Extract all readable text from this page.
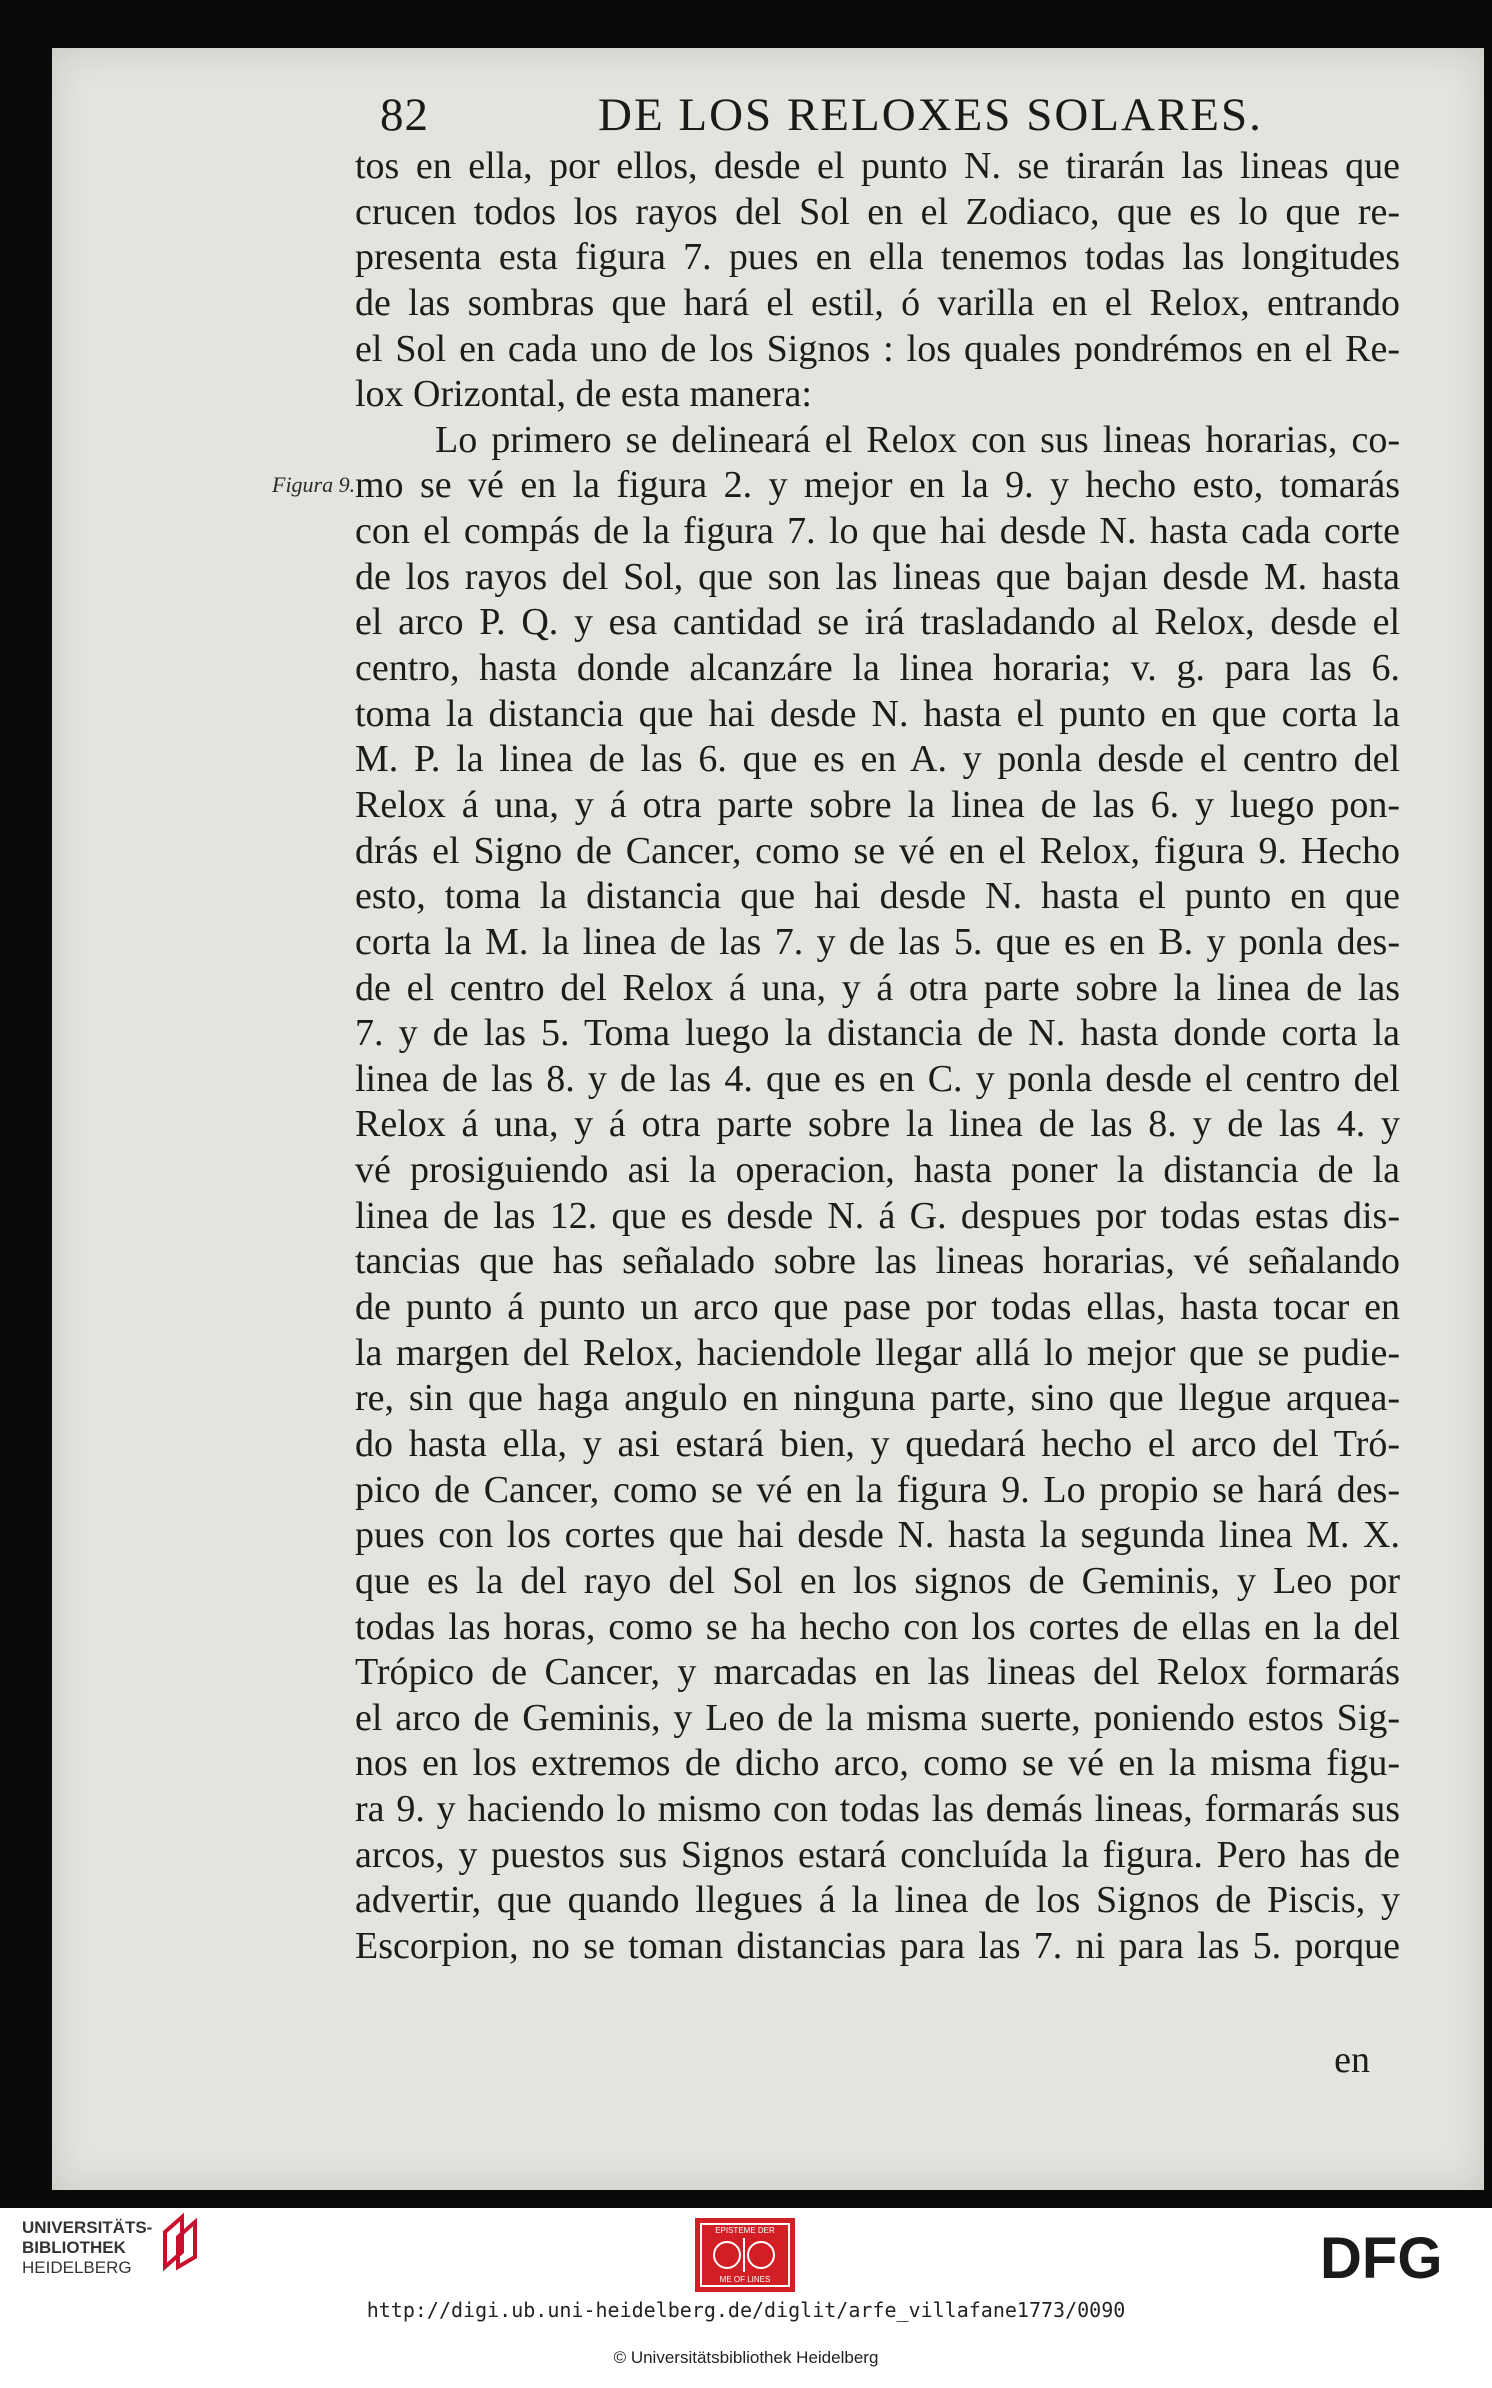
82	DE LOS RELOXES SOLARES.
Figura 9.
tos en ella, por ellos, desde el punto N. se tirarán las lineas que
crucen todos los rayos del Sol en el Zodiaco, que es lo que re-
presenta esta figura 7. pues en ella tenemos todas las longitudes
de las sombras que hará el estil, ó varilla en el Relox, entrando
el Sol en cada uno de los Signos : los quales pondrémos en el Re-
lox Orizontal, de esta manera:
Lo primero se delineará el Relox con sus lineas horarias, co-
mo se vé en la figura 2. y mejor en la 9. y hecho esto, tomarás
con el compás de la figura 7. lo que hai desde N. hasta cada corte
de los rayos del Sol, que son las lineas que bajan desde M. hasta
el arco P. Q. y esa cantidad se irá trasladando al Relox, desde el
centro, hasta donde alcanzáre la linea horaria; v. g. para las 6.
toma la distancia que hai desde N. hasta el punto en que corta la
M. P. la linea de las 6. que es en A. y ponla desde el centro del
Relox á una, y á otra parte sobre la linea de las 6. y luego pon-
drás el Signo de Cancer, como se vé en el Relox, figura 9. Hecho
esto, toma la distancia que hai desde N. hasta el punto en que
corta la M. la linea de las 7. y de las 5. que es en B. y ponla des-
de el centro del Relox á una, y á otra parte sobre la linea de las
7. y de las 5. Toma luego la distancia de N. hasta donde corta la
linea de las 8. y de las 4. que es en C. y ponla desde el centro del
Relox á una, y á otra parte sobre la linea de las 8. y de las 4. y
vé prosiguiendo asi la operacion, hasta poner la distancia de la
linea de las 12. que es desde N. á G. despues por todas estas dis-
tancias que has señalado sobre las lineas horarias, vé señalando
de punto á punto un arco que pase por todas ellas, hasta tocar en
la margen del Relox, haciendole llegar allá lo mejor que se pudie-
re, sin que haga angulo en ninguna parte, sino que llegue arquea-
do hasta ella, y asi estará bien, y quedará hecho el arco del Tró-
pico de Cancer, como se vé en la figura 9. Lo propio se hará des-
pues con los cortes que hai desde N. hasta la segunda linea M. X.
que es la del rayo del Sol en los signos de Geminis, y Leo por
todas las horas, como se ha hecho con los cortes de ellas en la del
Trópico de Cancer, y marcadas en las lineas del Relox formarás
el arco de Geminis, y Leo de la misma suerte, poniendo estos Sig-
nos en los extremos de dicho arco, como se vé en la misma figu-
ra 9. y haciendo lo mismo con todas las demás lineas, formarás sus
arcos, y puestos sus Signos estará concluída la figura. Pero has de
advertir, que quando llegues á la linea de los Signos de Piscis, y
Escorpion, no se toman distancias para las 7. ni para las 5. porque
en
UNIVERSITÄTS-
BIBLIOTHEK
HEIDELBERG
EPISTEME DER
ME OF LINES	DFG
http://digi.ub.uni-heidelberg.de/diglit/arfe_villafane1773/0090
© Universitätsbibliothek Heidelberg
